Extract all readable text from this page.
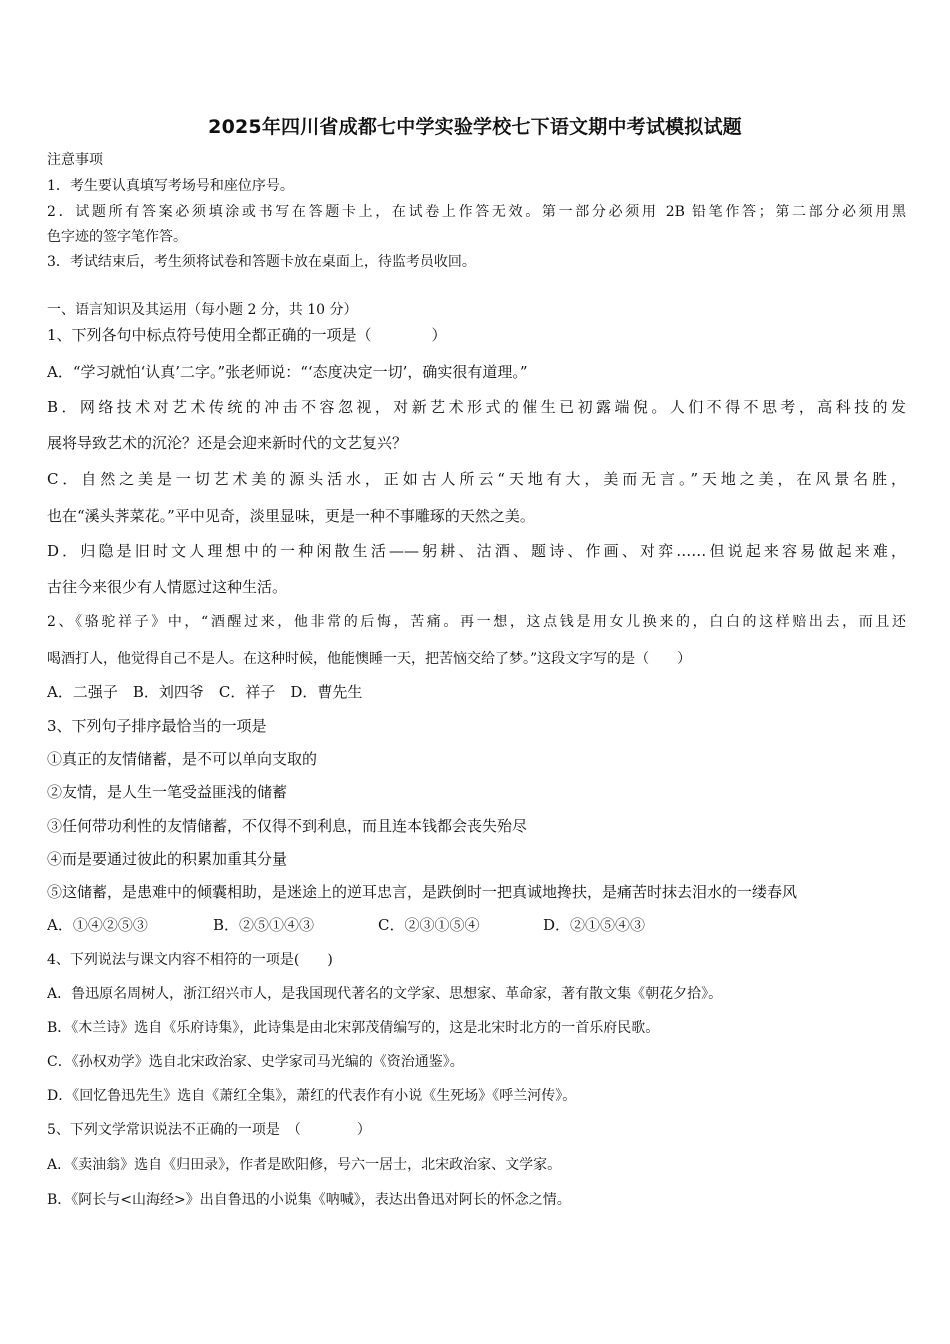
2025年四川省成都七中学实验学校七下语文期中考试模拟试题
注意事项
1．考生要认真填写考场号和座位序号。
2．试题所有答案必须填涂或书写在答题卡上，在试卷上作答无效。第一部分必须用 2B 铅笔作答；第二部分必须用黑
色字迹的签字笔作答。
3．考试结束后，考生须将试卷和答题卡放在桌面上，待监考员收回。
一、语言知识及其运用（每小题 2 分，共 10 分）
1、下列各句中标点符号使用全都正确的一项是（　　　　）
A．“学习就怕‘认真’二字。”张老师说：“‘态度决定一切’，确实很有道理。”
B．网络技术对艺术传统的冲击不容忽视，对新艺术形式的催生已初露端倪。人们不得不思考，高科技的发
展将导致艺术的沉沦？还是会迎来新时代的文艺复兴？
C．自然之美是一切艺术美的源头活水，正如古人所云“天地有大，美而无言。”天地之美，在风景名胜，
也在“溪头荠菜花。”平中见奇，淡里显味，更是一种不事雕琢的天然之美。
D．归隐是旧时文人理想中的一种闲散生活——躬耕、沽酒、题诗、作画、对弈……但说起来容易做起来难，
古往今来很少有人情愿过这种生活。
2、《骆驼祥子》中，“酒醒过来，他非常的后悔，苦痛。再一想，这点钱是用女儿换来的，白白的这样赔出去，而且还
喝酒打人，他觉得自己不是人。在这种时候，他能懊睡一天，把苦恼交给了梦。”这段文字写的是（　　）
A．二强子　B．刘四爷　C．祥子　D．曹先生
3、下列句子排序最恰当的一项是
①真正的友情储蓄，是不可以单向支取的
②友情，是人生一笔受益匪浅的储蓄
③任何带功利性的友情储蓄，不仅得不到利息，而且连本钱都会丧失殆尽
④而是要通过彼此的积累加重其分量
⑤这储蓄，是患难中的倾囊相助，是迷途上的逆耳忠言，是跌倒时一把真诚地搀扶，是痛苦时抹去泪水的一缕春风
A．①④②⑤③	B．②⑤①④③	C．②③①⑤④	D．②①⑤④③
4、下列说法与课文内容不相符的一项是(　　)
A．鲁迅原名周树人，浙江绍兴市人，是我国现代著名的文学家、思想家、革命家，著有散文集《朝花夕拾》。
B．《木兰诗》选自《乐府诗集》，此诗集是由北宋郭茂倩编写的，这是北宋时北方的一首乐府民歌。
C．《孙权劝学》选自北宋政治家、史学家司马光编的《资治通鉴》。
D．《回忆鲁迅先生》选自《萧红全集》，萧红的代表作有小说《生死场》《呼兰河传》。
5、下列文学常识说法不正确的一项是　（　　　　）
A．《卖油翁》选自《归田录》，作者是欧阳修，号六一居士，北宋政治家、文学家。
B．《阿长与<山海经>》出自鲁迅的小说集《呐喊》，表达出鲁迅对阿长的怀念之情。
